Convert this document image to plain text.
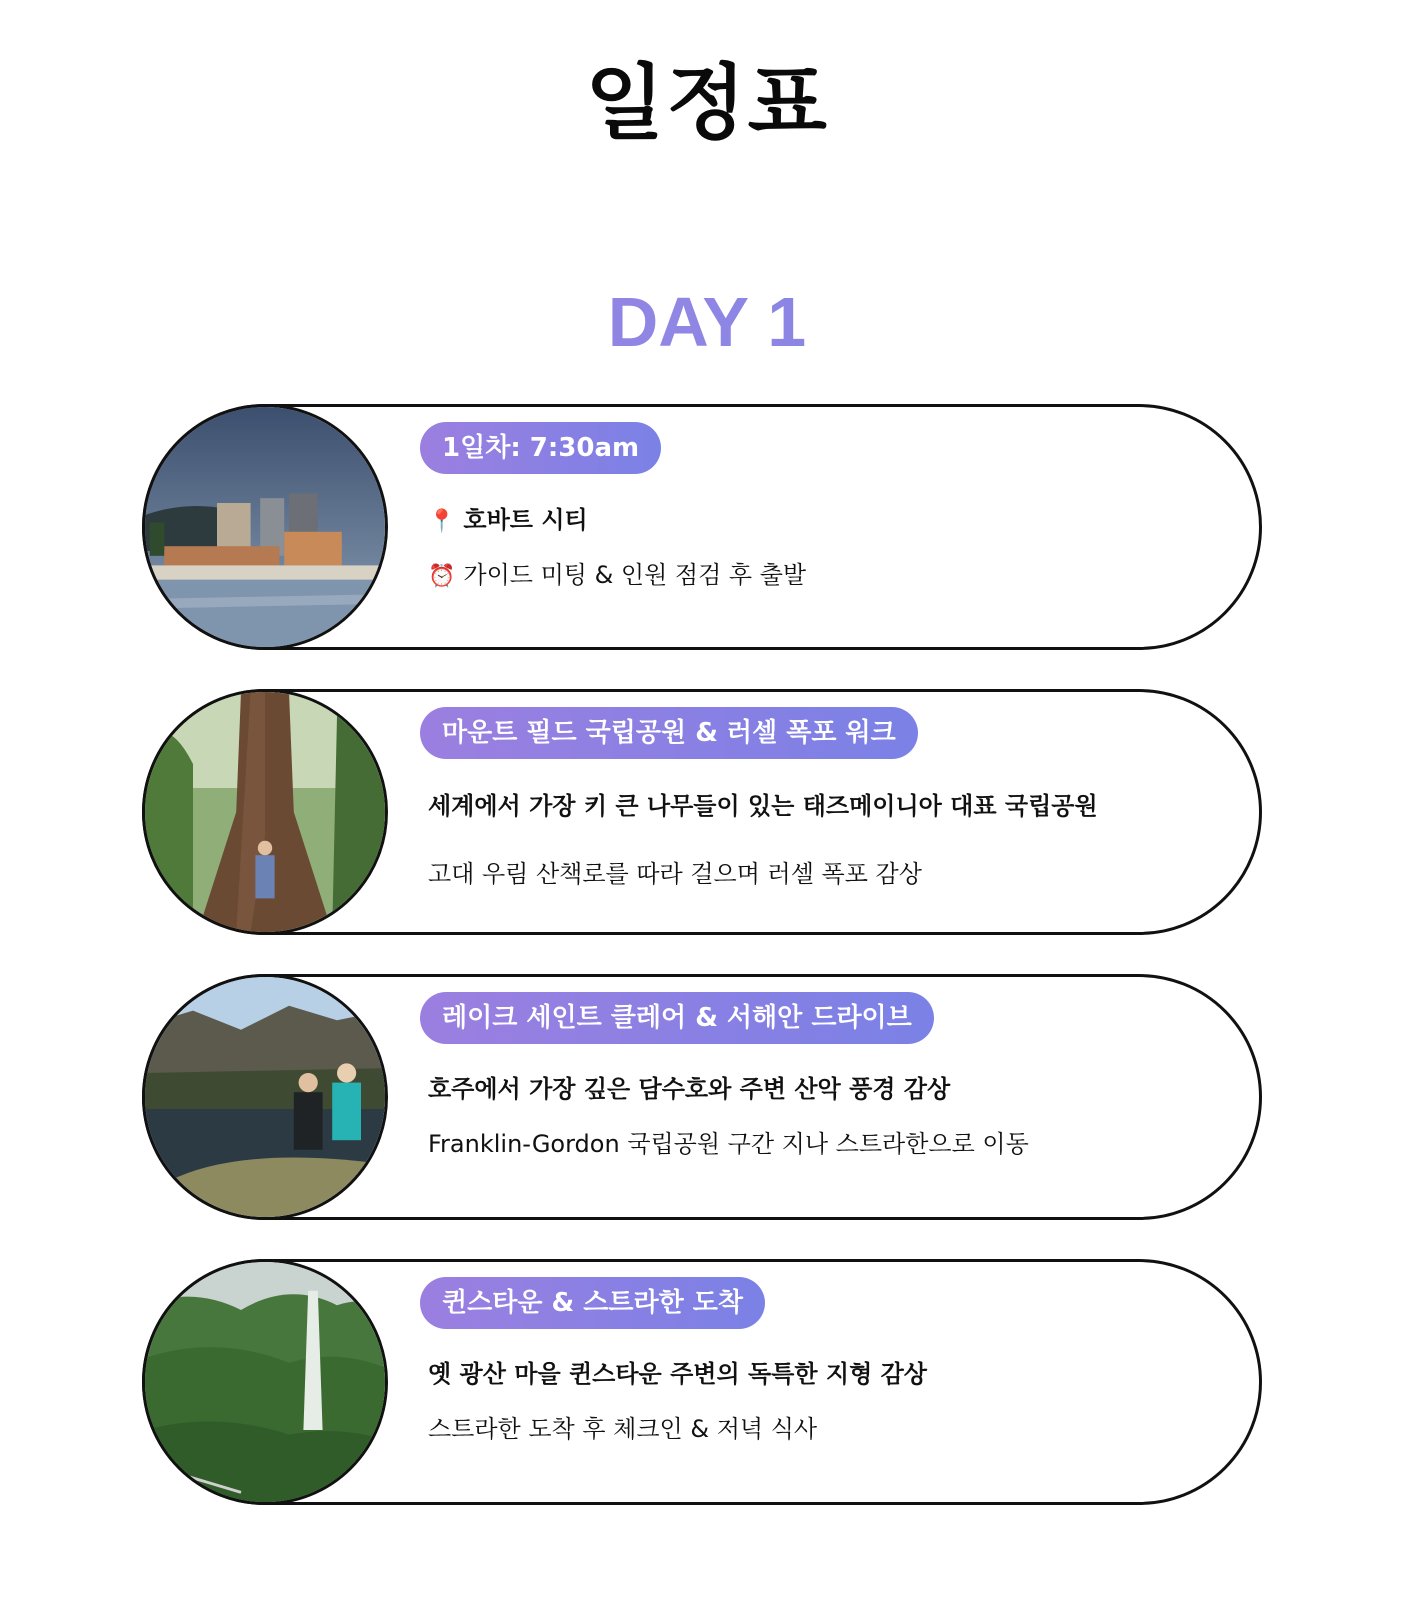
일정표
DAY 1
1일차: 7:30am
📍 호바트 시티
⏰ 가이드 미팅 & 인원 점검 후 출발
마운트 필드 국립공원 & 러셀 폭포 워크
세계에서 가장 키 큰 나무들이 있는 태즈메이니아 대표 국립공원
고대 우림 산책로를 따라 걸으며 러셀 폭포 감상
레이크 세인트 클레어 & 서해안 드라이브
호주에서 가장 깊은 담수호와 주변 산악 풍경 감상
Franklin-Gordon 국립공원 구간 지나 스트라한으로 이동
퀸스타운 & 스트라한 도착
옛 광산 마을 퀸스타운 주변의 독특한 지형 감상
스트라한 도착 후 체크인 & 저녁 식사
